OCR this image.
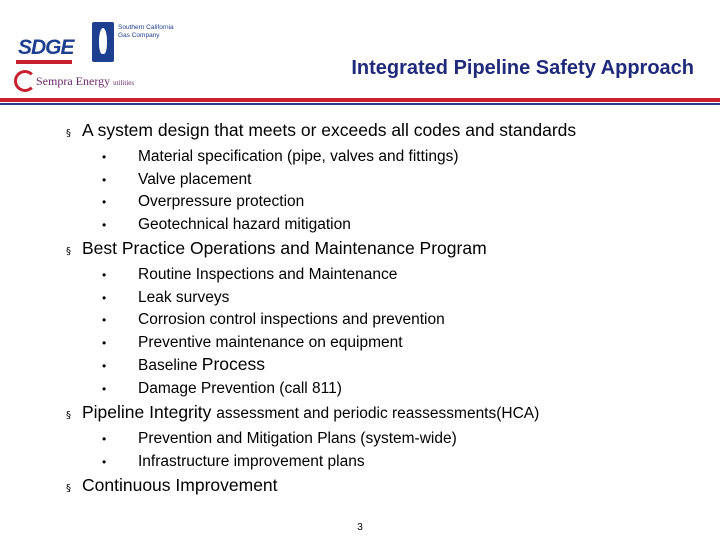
SDGE
Southern California Gas Company
Sempra Energy utilities
Integrated Pipeline Safety Approach
§ A system design that meets or exceeds all codes and standards
•	Material specification (pipe, valves and fittings)
•	Valve placement
•	Overpressure protection
•	Geotechnical hazard mitigation
§ Best Practice Operations and Maintenance Program
•	Routine Inspections and Maintenance
•	Leak surveys
•	Corrosion control inspections and prevention
•	Preventive maintenance on equipment
•	Baseline Process
•	Damage Prevention (call 811)
§ Pipeline Integrity assessment and periodic reassessments(HCA)
•	Prevention and Mitigation Plans (system-wide)
•	Infrastructure improvement plans
§ Continuous Improvement
3
